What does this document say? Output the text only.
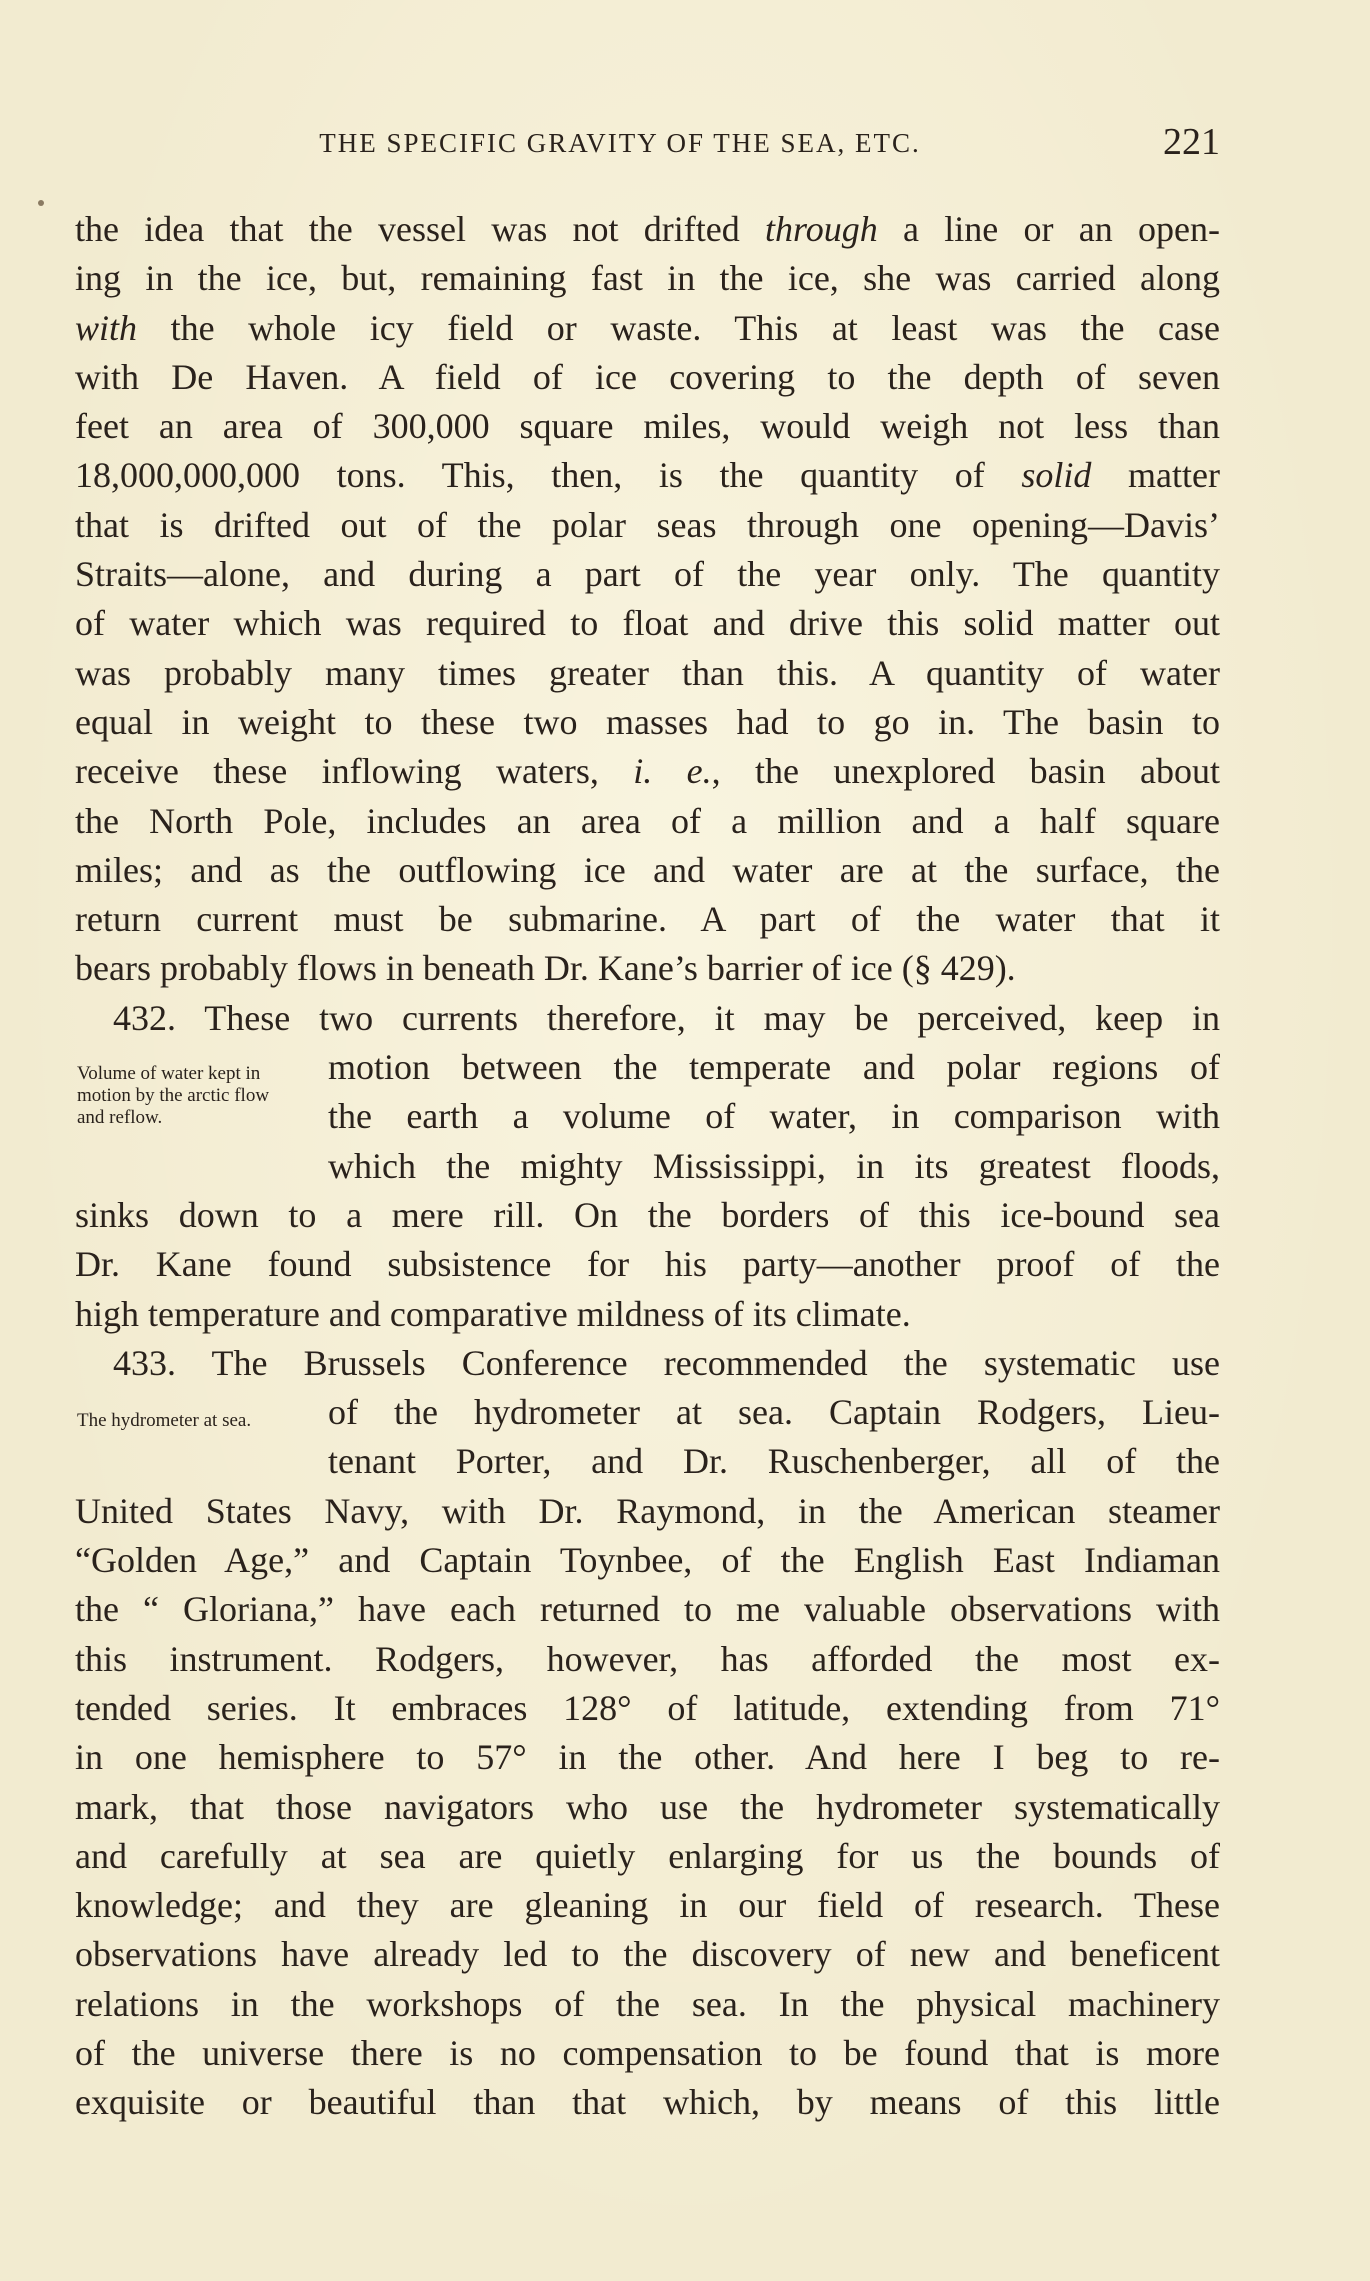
THE SPECIFIC GRAVITY OF THE SEA, ETC.	221
Volume of water kept in motion by the arctic flow and reflow.
The hydrometer at sea.
the idea that the vessel was not drifted through a line or an open-
ing in the ice, but, remaining fast in the ice, she was carried along
with the whole icy field or waste. This at least was the case
with De Haven. A field of ice covering to the depth of seven
feet an area of 300,000 square miles, would weigh not less than
18,000,000,000 tons. This, then, is the quantity of solid matter
that is drifted out of the polar seas through one opening—Davis’
Straits—alone, and during a part of the year only. The quantity
of water which was required to float and drive this solid matter out
was probably many times greater than this. A quantity of water
equal in weight to these two masses had to go in. The basin to
receive these inflowing waters, i. e., the unexplored basin about
the North Pole, includes an area of a million and a half square
miles; and as the outflowing ice and water are at the surface, the
return current must be submarine. A part of the water that it
bears probably flows in beneath Dr. Kane’s barrier of ice (§ 429).
432. These two currents therefore, it may be perceived, keep in
motion between the temperate and polar regions of
the earth a volume of water, in comparison with
which the mighty Mississippi, in its greatest floods,
sinks down to a mere rill. On the borders of this ice-bound sea
Dr. Kane found subsistence for his party—another proof of the
high temperature and comparative mildness of its climate.
433. The Brussels Conference recommended the systematic use
of the hydrometer at sea. Captain Rodgers, Lieu-
tenant Porter, and Dr. Ruschenberger, all of the
United States Navy, with Dr. Raymond, in the American steamer
“Golden Age,” and Captain Toynbee, of the English East Indiaman
the “ Gloriana,” have each returned to me valuable observations with
this instrument. Rodgers, however, has afforded the most ex-
tended series. It embraces 128° of latitude, extending from 71°
in one hemisphere to 57° in the other. And here I beg to re-
mark, that those navigators who use the hydrometer systematically
and carefully at sea are quietly enlarging for us the bounds of
knowledge; and they are gleaning in our field of research. These
observations have already led to the discovery of new and beneficent
relations in the workshops of the sea. In the physical machinery
of the universe there is no compensation to be found that is more
exquisite or beautiful than that which, by means of this little
